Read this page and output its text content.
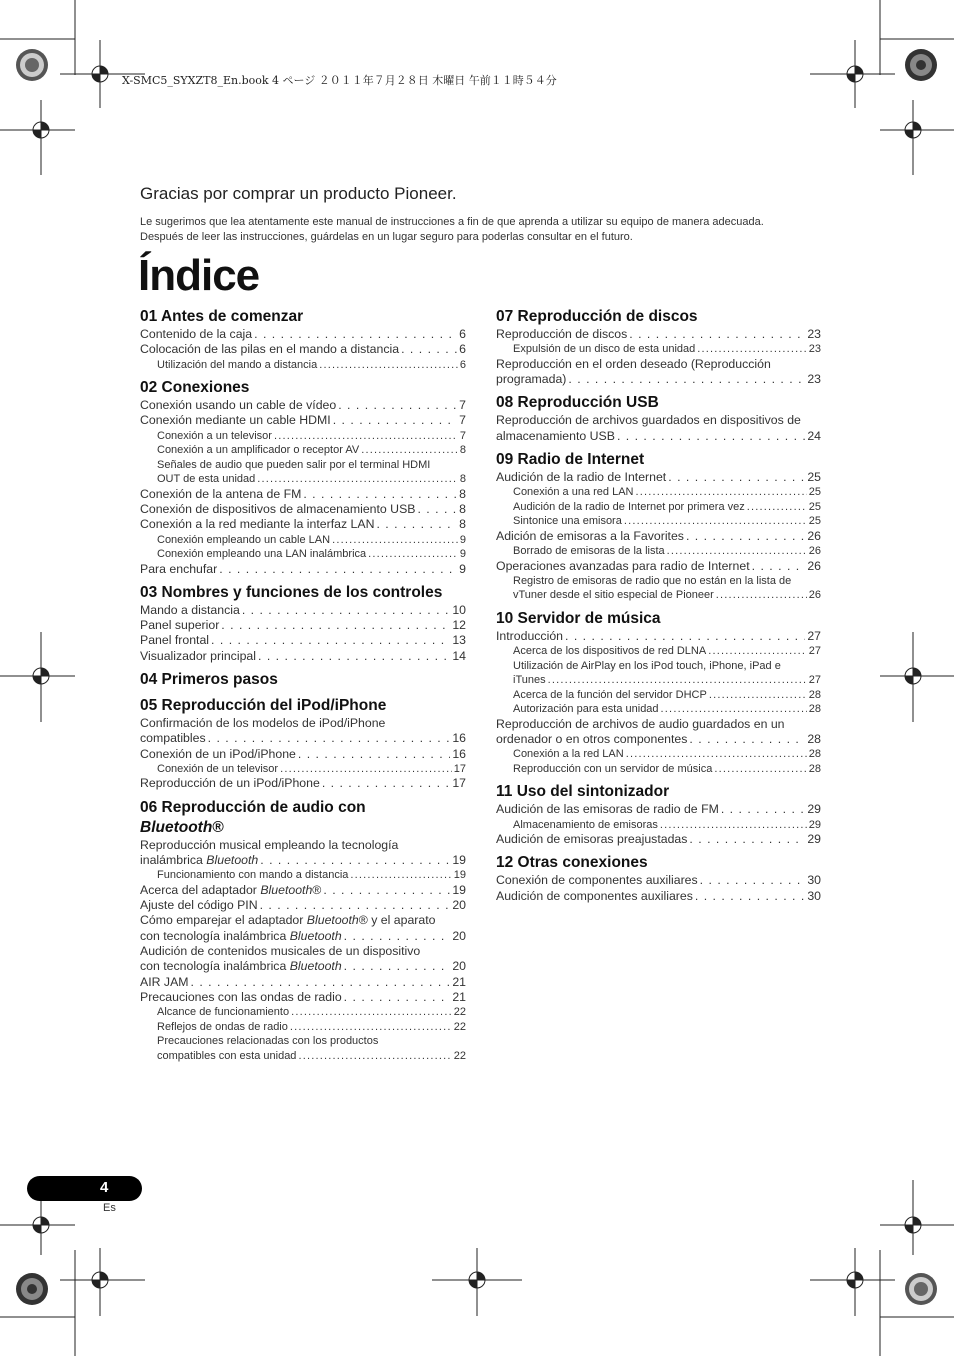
X-SMC5_SYXZT8_En.book 4 ページ ２０１１年７月２８日 木曜日 午前１１時５４分
Gracias por comprar un producto Pioneer.
Le sugerimos que lea atentamente este manual de instrucciones a fin de que aprenda a utilizar su equipo de manera adecuada.
Después de leer las instrucciones, guárdelas en un lugar seguro para poderlas consultar en el futuro.
Índice
01 Antes de comenzar
Contenido de la caja . . .	6
Colocación de las pilas en el mando a distancia . . .	6
Utilización del mando a distancia .....	6
02 Conexiones
Conexión usando un cable de vídeo . . .	7
Conexión mediante un cable HDMI . . .	7
Conexión a un televisor .....	7
Conexión a un amplificador o receptor AV .....	8
Señales de audio que pueden salir por el terminal HDMI
OUT de esta unidad .....	8
Conexión de la antena de FM . . .	8
Conexión de dispositivos de almacenamiento USB . . .	8
Conexión a la red mediante la interfaz LAN . . .	8
Conexión empleando un cable LAN .....	9
Conexión empleando una LAN inalámbrica .....	9
Para enchufar . . .	9
03 Nombres y funciones de los controles
Mando a distancia . . .	10
Panel superior . . .	12
Panel frontal . . .	13
Visualizador principal . . .	14
04 Primeros pasos
05 Reproducción del iPod/iPhone
Confirmación de los modelos de iPod/iPhone
compatibles . . .	16
Conexión de un iPod/iPhone . . .	16
Conexión de un televisor .....	17
Reproducción de un iPod/iPhone . . .	17
06 Reproducción de audio con
Bluetooth®
Reproducción musical empleando la tecnología
inalámbrica Bluetooth . . .	19
Funcionamiento con mando a distancia .....	19
Acerca del adaptador Bluetooth® . . .	19
Ajuste del código PIN . . .	20
Cómo emparejar el adaptador Bluetooth® y el aparato
con tecnología inalámbrica Bluetooth . . .	20
Audición de contenidos musicales de un dispositivo
con tecnología inalámbrica Bluetooth . . .	20
AIR JAM . . .	21
Precauciones con las ondas de radio . . .	21
Alcance de funcionamiento .....	22
Reflejos de ondas de radio .....	22
Precauciones relacionadas con los productos
compatibles con esta unidad .....	22
07 Reproducción de discos
Reproducción de discos . . .	23
Expulsión de un disco de esta unidad .....	23
Reproducción en el orden deseado (Reproducción
programada) . . .	23
08 Reproducción USB
Reproducción de archivos guardados en dispositivos de
almacenamiento USB . . .	24
09 Radio de Internet
Audición de la radio de Internet . . .	25
Conexión a una red LAN .....	25
Audición de la radio de Internet por primera vez .....	25
Sintonice una emisora .....	25
Adición de emisoras a la Favorites . . .	26
Borrado de emisoras de la lista .....	26
Operaciones avanzadas para radio de Internet . . .	26
Registro de emisoras de radio que no están en la lista de
vTuner desde el sitio especial de Pioneer .....	26
10 Servidor de música
Introducción . . .	27
Acerca de los dispositivos de red DLNA .....	27
Utilización de AirPlay en los iPod touch, iPhone, iPad e
iTunes .....	27
Acerca de la función del servidor DHCP .....	28
Autorización para esta unidad .....	28
Reproducción de archivos de audio guardados en un
ordenador o en otros componentes . . .	28
Conexión a la red LAN .....	28
Reproducción con un servidor de música .....	28
11 Uso del sintonizador
Audición de las emisoras de radio de FM . . .	29
Almacenamiento de emisoras .....	29
Audición de emisoras preajustadas . . .	29
12 Otras conexiones
Conexión de componentes auxiliares . . .	30
Audición de componentes auxiliares . . .	30
4
Es
